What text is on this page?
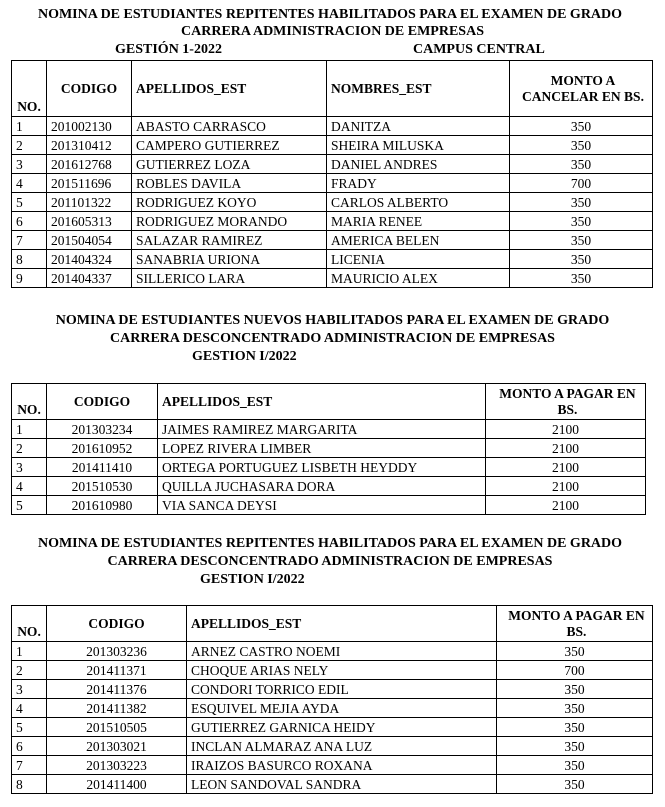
NOMINA DE ESTUDIANTES REPITENTES HABILITADOS PARA EL EXAMEN DE GRADO
CARRERA ADMINISTRACION DE EMPRESAS
GESTIÓN 1-2022	CAMPUS CENTRAL
NO.	CODIGO	APELLIDOS_EST	NOMBRES_EST	MONTO A CANCELAR EN BS.
1	201002130	ABASTO CARRASCO	DANITZA	350
2	201310412	CAMPERO GUTIERREZ	SHEIRA MILUSKA	350
3	201612768	GUTIERREZ LOZA	DANIEL ANDRES	350
4	201511696	ROBLES DAVILA	FRADY	700
5	201101322	RODRIGUEZ KOYO	CARLOS ALBERTO	350
6	201605313	RODRIGUEZ MORANDO	MARIA RENEE	350
7	201504054	SALAZAR RAMIREZ	AMERICA BELEN	350
8	201404324	SANABRIA URIONA	LICENIA	350
9	201404337	SILLERICO LARA	MAURICIO ALEX	350
NOMINA DE ESTUDIANTES NUEVOS HABILITADOS PARA EL EXAMEN DE GRADO
CARRERA DESCONCENTRADO ADMINISTRACION DE EMPRESAS
GESTION I/2022
NO.	CODIGO	APELLIDOS_EST	MONTO A PAGAR EN BS.
1	201303234	JAIMES RAMIREZ MARGARITA	2100
2	201610952	LOPEZ RIVERA LIMBER	2100
3	201411410	ORTEGA PORTUGUEZ LISBETH HEYDDY	2100
4	201510530	QUILLA JUCHASARA DORA	2100
5	201610980	VIA SANCA DEYSI	2100
NOMINA DE ESTUDIANTES REPITENTES HABILITADOS PARA EL EXAMEN DE GRADO
CARRERA DESCONCENTRADO ADMINISTRACION DE EMPRESAS
GESTION I/2022
NO.	CODIGO	APELLIDOS_EST	MONTO A PAGAR EN BS.
1	201303236	ARNEZ CASTRO NOEMI	350
2	201411371	CHOQUE ARIAS NELY	700
3	201411376	CONDORI TORRICO EDIL	350
4	201411382	ESQUIVEL MEJIA AYDA	350
5	201510505	GUTIERREZ GARNICA HEIDY	350
6	201303021	INCLAN ALMARAZ ANA LUZ	350
7	201303223	IRAIZOS BASURCO ROXANA	350
8	201411400	LEON SANDOVAL SANDRA	350
